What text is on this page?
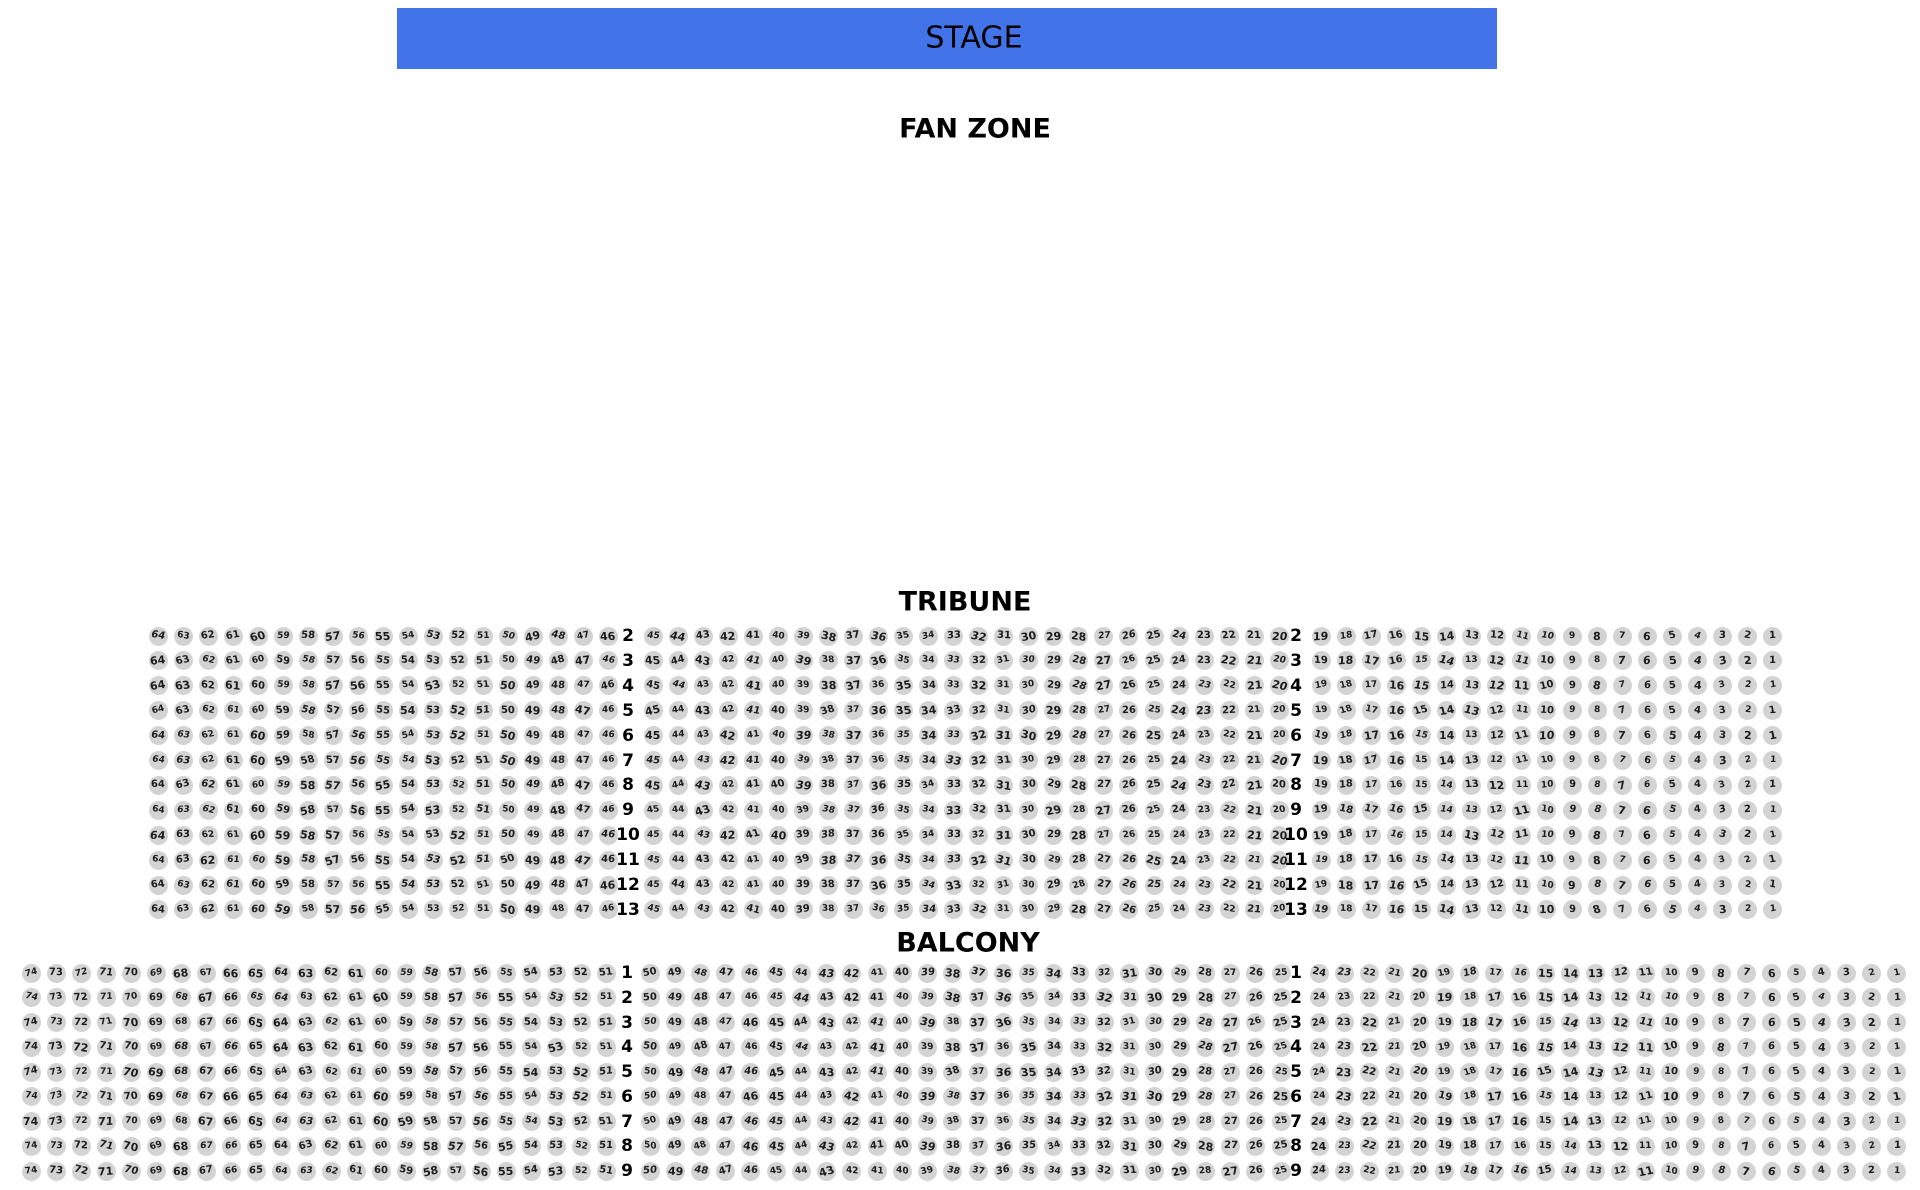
STAGE
FAN ZONE
TRIBUNE
64 63 62 61 60 59 58 57 56 55 54 53 52 51 50 49 48 47 46 2 45 44 43 42 41 40 39 38 37 36 35 34 33 32 31 30 29 28 27 26 25 24 23 22 21 20 2 19 18 17 16 15 14 13 12 11 10 9 8 7 6 5 4 3 2 1
64 63 62 61 60 59 58 57 56 55 54 53 52 51 50 49 48 47 46 3 45 44 43 42 41 40 39 38 37 36 35 34 33 32 31 30 29 28 27 26 25 24 23 22 21 20 3 19 18 17 16 15 14 13 12 11 10 9 8 7 6 5 4 3 2 1
64 63 62 61 60 59 58 57 56 55 54 53 52 51 50 49 48 47 46 4 45 44 43 42 41 40 39 38 37 36 35 34 33 32 31 30 29 28 27 26 25 24 23 22 21 20 4 19 18 17 16 15 14 13 12 11 10 9 8 7 6 5 4 3 2 1
64 63 62 61 60 59 58 57 56 55 54 53 52 51 50 49 48 47 46 5 45 44 43 42 41 40 39 38 37 36 35 34 33 32 31 30 29 28 27 26 25 24 23 22 21 20 5 19 18 17 16 15 14 13 12 11 10 9 8 7 6 5 4 3 2 1
64 63 62 61 60 59 58 57 56 55 54 53 52 51 50 49 48 47 46 6 45 44 43 42 41 40 39 38 37 36 35 34 33 32 31 30 29 28 27 26 25 24 23 22 21 20 6 19 18 17 16 15 14 13 12 11 10 9 8 7 6 5 4 3 2 1
64 63 62 61 60 59 58 57 56 55 54 53 52 51 50 49 48 47 46 7 45 44 43 42 41 40 39 38 37 36 35 34 33 32 31 30 29 28 27 26 25 24 23 22 21 20 7 19 18 17 16 15 14 13 12 11 10 9 8 7 6 5 4 3 2 1
64 63 62 61 60 59 58 57 56 55 54 53 52 51 50 49 48 47 46 8 45 44 43 42 41 40 39 38 37 36 35 34 33 32 31 30 29 28 27 26 25 24 23 22 21 20 8 19 18 17 16 15 14 13 12 11 10 9 8 7 6 5 4 3 2 1
64 63 62 61 60 59 58 57 56 55 54 53 52 51 50 49 48 47 46 9 45 44 43 42 41 40 39 38 37 36 35 34 33 32 31 30 29 28 27 26 25 24 23 22 21 20 9 19 18 17 16 15 14 13 12 11 10 9 8 7 6 5 4 3 2 1
64 63 62 61 60 59 58 57 56 55 54 53 52 51 50 49 48 47 46 10 45 44 43 42 41 40 39 38 37 36 35 34 33 32 31 30 29 28 27 26 25 24 23 22 21 20
10 19 18 17 16 15 14 13 12 11 10 9 8 7 6 5 4 3 2 1
64 63 62 61 60 59 58 57 56 55 54 53 52 51 50 49 48 47 46 11 45 44 43 42 41 40 39 38 37 36 35 34 33 32 31 30 29 28 27 26 25 24 23 22 21 20
11 19 18 17 16 15 14 13 12 11 10 9 8 7 6 5 4 3 2 1
64 63 62 61 60 59 58 57 56 55 54 53 52 51 50 49 48 47 46 12 45 44 43 42 41 40 39 38 37 36 35 34 33 32 31 30 29 28 27 26 25 24 23 22 21 20
12 19 18 17 16 15 14 13 12 11 10 9 8 7 6 5 4 3 2 1
64 63 62 61 60 59 58 57 56 55 54 53 52 51 50 49 48 47 46 13 45 44 43 42 41 40 39 38 37 36 35 34 33 32 31 30 29 28 27 26 25 24 23 22 21 20
13 19 18 17 16 15 14 13 12 11 10 9 8 7 6 5 4 3 2 1
BALCONY
74 73 72 71 70 69 68 67 66 65 64 63 62 61 60 59 58 57 56 55 54 53 52 51 1 50 49 48 47 46 45 44 43 42 41 40 39 38 37 36 35 34 33 32 31 30 29 28 27 26 25 1 24 23 22 21 20 19 18 17 16 15 14 13 12 11 10 9 8 7 6 5 4 3 2 1
74 73 72 71 70 69 68 67 66 65 64 63 62 61 60 59 58 57 56 55 54 53 52 51 2 50 49 48 47 46 45 44 43 42 41 40 39 38 37 36 35 34 33 32 31 30 29 28 27 26 25 2 24 23 22 21 20 19 18 17 16 15 14 13 12 11 10 9 8 7 6 5 4 3 2 1
74 73 72 71 70 69 68 67 66 65 64 63 62 61 60 59 58 57 56 55 54 53 52 51 3 50 49 48 47 46 45 44 43 42 41 40 39 38 37 36 35 34 33 32 31 30 29 28 27 26 25 3 24 23 22 21 20 19 18 17 16 15 14 13 12 11 10 9 8 7 6 5 4 3 2 1
74 73 72 71 70 69 68 67 66 65 64 63 62 61 60 59 58 57 56 55 54 53 52 51 4 50 49 48 47 46 45 44 43 42 41 40 39 38 37 36 35 34 33 32 31 30 29 28 27 26 25 4 24 23 22 21 20 19 18 17 16 15 14 13 12 11 10 9 8 7 6 5 4 3 2 1
74 73 72 71 70 69 68 67 66 65 64 63 62 61 60 59 58 57 56 55 54 53 52 51 5 50 49 48 47 46 45 44 43 42 41 40 39 38 37 36 35 34 33 32 31 30 29 28 27 26 25 5 24 23 22 21 20 19 18 17 16 15 14 13 12 11 10 9 8 7 6 5 4 3 2 1
74 73 72 71 70 69 68 67 66 65 64 63 62 61 60 59 58 57 56 55 54 53 52 51 6 50 49 48 47 46 45 44 43 42 41 40 39 38 37 36 35 34 33 32 31 30 29 28 27 26 25 6 24 23 22 21 20 19 18 17 16 15 14 13 12 11 10 9 8 7 6 5 4 3 2 1
74 73 72 71 70 69 68 67 66 65 64 63 62 61 60 59 58 57 56 55 54 53 52 51 7 50 49 48 47 46 45 44 43 42 41 40 39 38 37 36 35 34 33 32 31 30 29 28 27 26 25 7 24 23 22 21 20 19 18 17 16 15 14 13 12 11 10 9 8 7 6 5 4 3 2 1
74 73 72 71 70 69 68 67 66 65 64 63 62 61 60 59 58 57 56 55 54 53 52 51 8 50 49 48 47 46 45 44 43 42 41 40 39 38 37 36 35 34 33 32 31 30 29 28 27 26 25 8 24 23 22 21 20 19 18 17 16 15 14 13 12 11 10 9 8 7 6 5 4 3 2 1
74 73 72 71 70 69 68 67 66 65 64 63 62 61 60 59 58 57 56 55 54 53 52 51 9 50 49 48 47 46 45 44 43 42 41 40 39 38 37 36 35 34 33 32 31 30 29 28 27 26 25 9 24 23 22 21 20 19 18 17 16 15 14 13 12 11 10 9 8 7 6 5 4 3 2 1
